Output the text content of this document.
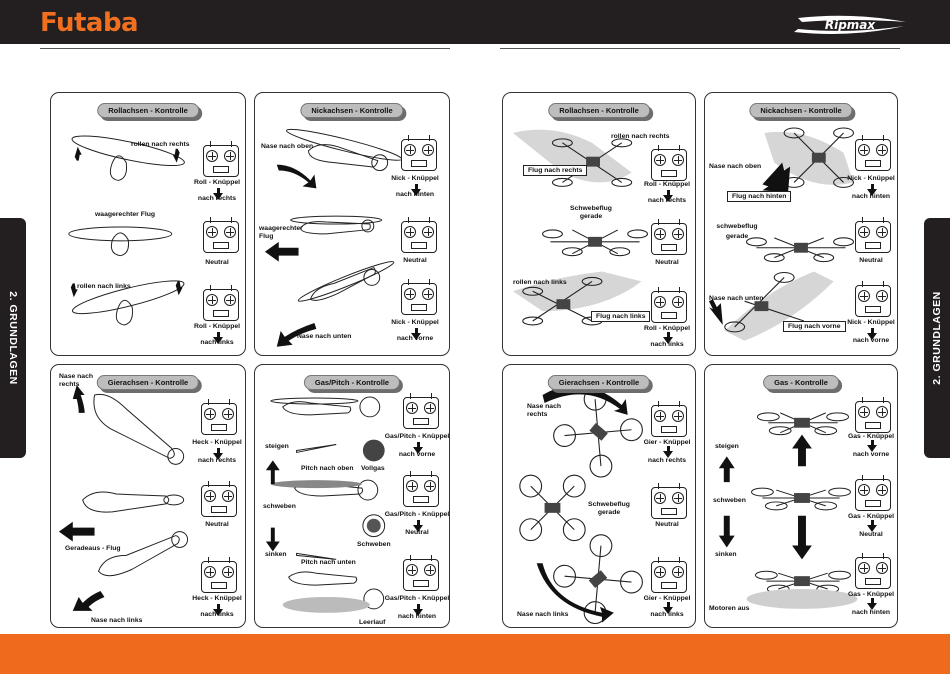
Futaba	Ripmax
2. GRUNDLAGEN	2. GRUNDLAGEN
Rollachsen - Kontrolle
rollen nach rechts
waagerechter Flug
rollen nach links
Roll - Knüppel
nach rechts
Neutral
Roll - Knüppel
nach links
Nickachsen - Kontrolle
Nase nach oben
waagerechter
Flug
Nase nach unten
Nick - Knüppel
nach hinten
Neutral
Nick - Knüppel
nach vorne
Gierachsen - Kontrolle
Nase nach
rechts
Geradeaus - Flug
Nase nach links
Heck - Knüppel
nach rechts
Neutral
Heck - Knüppel
nach links
Gas/Pitch - Kontrolle
steigen
schweben
sinken
Pitch nach oben
Pitch nach unten
Vollgas
Schweben
Leerlauf
Gas/Pitch - Knüppel
nach vorne
Gas/Pitch - Knüppel
Neutral
Gas/Pitch - Knüppel
nach hinten
Rollachsen - Kontrolle
rollen nach rechts
Flug nach rechts
Schwebeflug
gerade
rollen nach links
Flug nach links
Roll - Knüppel
nach rechts
Neutral
Roll - Knüppel
nach links
Nickachsen - Kontrolle
Nase nach oben
Flug nach hinten
schwebeflug
gerade
Nase nach unten
Flug nach vorne
Nick - Knüppel
nach hinten
Neutral
Nick - Knüppel
nach vorne
Gierachsen - Kontrolle
Nase nach
rechts
Schwebeflug
gerade
Nase nach links
Gier - Knüppel
nach rechts
Neutral
Gier - Knüppel
nach links
Gas - Kontrolle
steigen
schweben
sinken
Motoren aus
Gas - Knüppel
nach vorne
Gas - Knüppel
Neutral
Gas - Knüppel
nach hinten
